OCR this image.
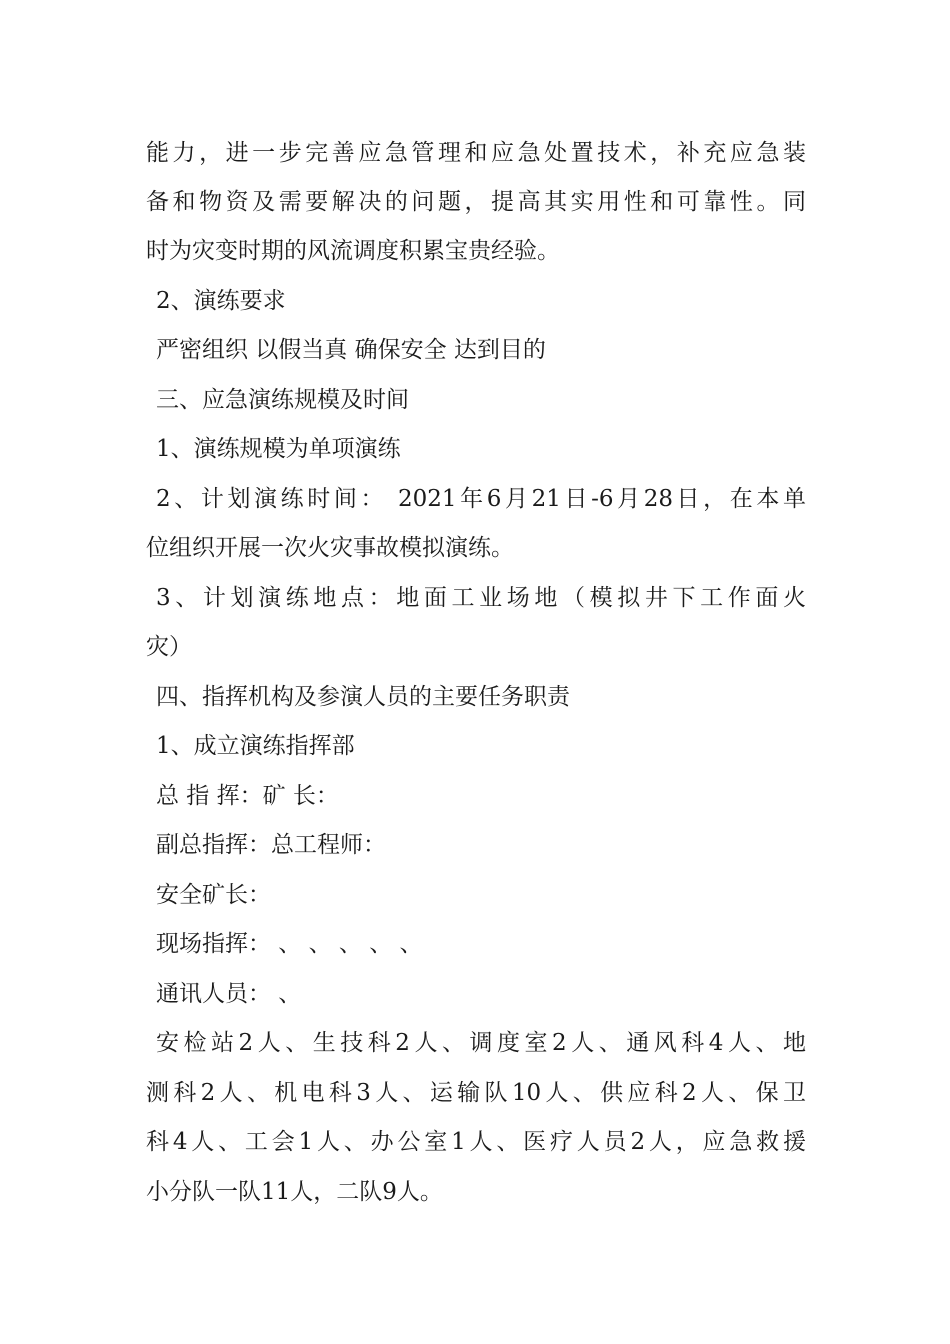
能力，进一步完善应急管理和应急处置技术，补充应急装
备和物资及需要解决的问题，提高其实用性和可靠性。同
时为灾变时期的风流调度积累宝贵经验。
2、演练要求
严密组织 以假当真 确保安全 达到目的
三、应急演练规模及时间
1、演练规模为单项演练
2、计划演练时间： 2021年6月21日-6月28日，在本单
位组织开展一次火灾事故模拟演练。
3、计划演练地点：地面工业场地（模拟井下工作面火
灾）
四、指挥机构及参演人员的主要任务职责
1、成立演练指挥部
总 指 挥：矿 长：
副总指挥：总工程师：
安全矿长：
现场指挥： 、 、 、 、 、
通讯人员： 、
安检站2人、生技科2人、调度室2人、通风科4人、地
测科2人、机电科3人、运输队10人、供应科2人、保卫
科4人、工会1人、办公室1人、医疗人员2人，应急救援
小分队一队11人，二队9人。
